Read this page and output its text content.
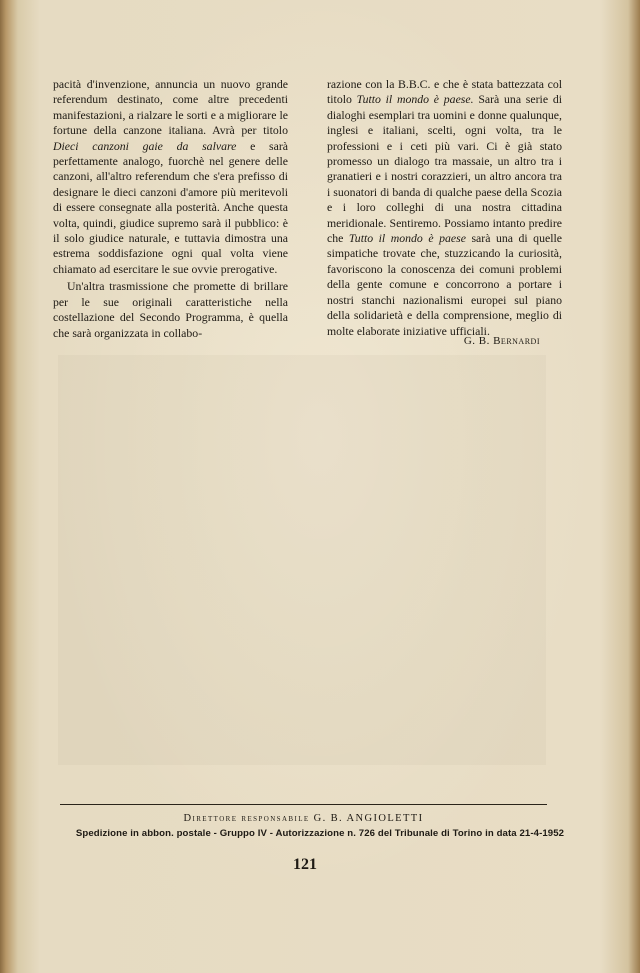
pacità d'invenzione, annuncia un nuovo grande referendum destinato, come altre precedenti manifestazioni, a rialzare le sorti e a migliorare le fortune della canzone italiana. Avrà per titolo Dieci canzoni gaie da salvare e sarà perfettamente analogo, fuorchè nel genere delle canzoni, all'altro referendum che s'era prefisso di designare le dieci canzoni d'amore più meritevoli di essere consegnate alla posterità. Anche questa volta, quindi, giudice supremo sarà il pubblico: è il solo giudice naturale, e tuttavia dimostra una estrema soddisfazione ogni qual volta viene chiamato ad esercitare le sue ovvie prerogative.

Un'altra trasmissione che promette di brillare per le sue originali caratteristiche nella costellazione del Secondo Programma, è quella che sarà organizzata in collabo-

razione con la B.B.C. e che è stata battezzata col titolo Tutto il mondo è paese. Sarà una serie di dialoghi esemplari tra uomini e donne qualunque, inglesi e italiani, scelti, ogni volta, tra le professioni e i ceti più vari. Ci è già stato promesso un dialogo tra massaie, un altro tra i granatieri e i nostri corazzieri, un altro ancora tra i suonatori di banda di qualche paese della Scozia e i loro colleghi di una nostra cittadina meridionale. Sentiremo. Possiamo intanto predire che Tutto il mondo è paese sarà una di quelle simpatiche trovate che, stuzzicando la curiosità, favoriscono la conoscenza dei comuni problemi della gente comune e concorrono a portare i nostri stanchi nazionalismi europei sul piano della solidarietà e della comprensione, meglio di molte elaborate iniziative ufficiali.

G. B. Bernardi
Direttore responsabile G. B. ANGIOLETTI
Spedizione in abbon. postale - Gruppo IV - Autorizzazione n. 726 del Tribunale di Torino in data 21-4-1952
121
